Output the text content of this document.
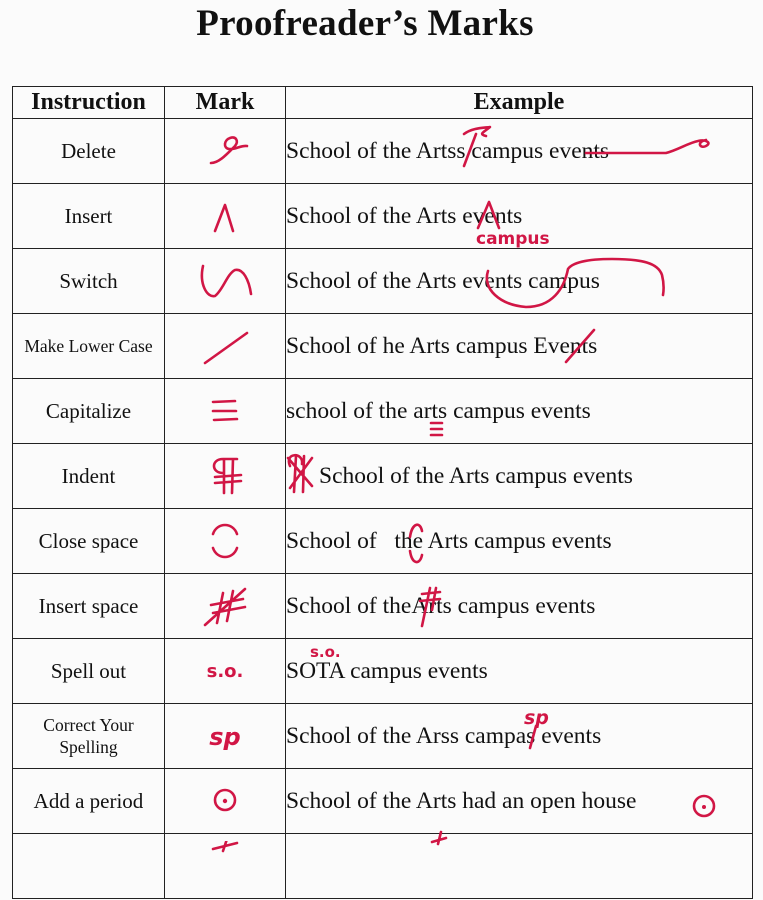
Proofreader’s Marks
Instruction	Mark	Example
Delete		School of the Artss campus events

Insert		School of the Arts events
campus

Switch		School of the Arts events campus

Make Lower Case		School of he Arts campus Events

Capitalize		school of the arts campus events

Indent		School of the Arts campus events

Close space		School of   the Arts campus events

Insert space		School of theArts campus events

Spell out	s.o.	SOTA campus events
s.o.

Correct Your Spelling	sp	School of the Arss campas events
sp

Add a period		School of the Arts had an open house
